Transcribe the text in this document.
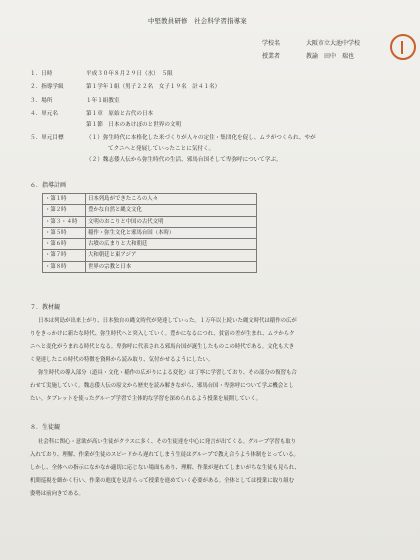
中堅教員研修　社会科学習指導案
学校名	大阪市立大池中学校
授業者	教諭　田中　瑞也
１．日時	平成３０年８月２９日（水）　５限
２．指導学級	第１学年１組（男子２２名　女子１９名　計４１名）
３．場所	１年１組教室
４．単元名	第１章　原始と古代の日本
第１節　日本のあけぼのと世界の文明
５．単元目標	（１）弥生時代に本格化した米づくりが人々の定住・集団化を促し、ムラがつくられ、やが
てクニへと発展していったことに気付く。
（２）魏志倭人伝から弥生時代の生活、邪馬台国そして卑弥呼について学ぶ。
６．指導計画
・第１時	日本列島ができたころの人々
・第２時	豊かな自然と縄文文化
・第３・４時	文明のおこりと中国の古代文明
・第５時	稲作・弥生文化と邪馬台国（本時）
・第６時	古墳の広まりと大和朝廷
・第７時	大和朝廷と東アジア
・第８時	世界の宗教と日本
７．教材観
日本は列島が出来上がり、日本独自の縄文時代が発達していった。１万年以上続いた縄文時代は稲作の広が
りをきっかけに新たな時代、弥生時代へと突入していく。豊かになるにつれ、貧富の差が生まれ、ムラからク
ニへと変化がうまれる時代となる。卑弥呼に代表される邪馬台国が誕生したものこの時代である。文化も大き
く発達したこの時代の特徴を資料から読み取り、気付かせるようにしたい。
弥生時代の導入部分（道具・文化・稲作の広がりによる変化）は丁寧に学習しており、その部分の復習も合
わせて実施していく。魏志倭人伝の原文から歴史を読み解きながら、邪馬台国・卑弥呼について学ぶ機会とし
たい。タブレットを使ったグループ学習で主体的な学習を深められるよう授業を展開していく。
８．生徒観
社会科に関心・意欲が高い生徒がクラスに多く、その生徒達を中心に発言が出てくる。グループ学習も取り
入れており、理解、作業が生徒のスピードから遅れてしまう生徒はグループで教え合うよう体制をとっている。
しかし、全体への指示になかなか適切に応じない場面もあり、理解、作業が遅れてしまいがちな生徒も見られ、
机間巡視を細かく行い、作業の進度を見計らって授業を進めていく必要がある。全体としては授業に取り組む
姿勢は前向きである。
